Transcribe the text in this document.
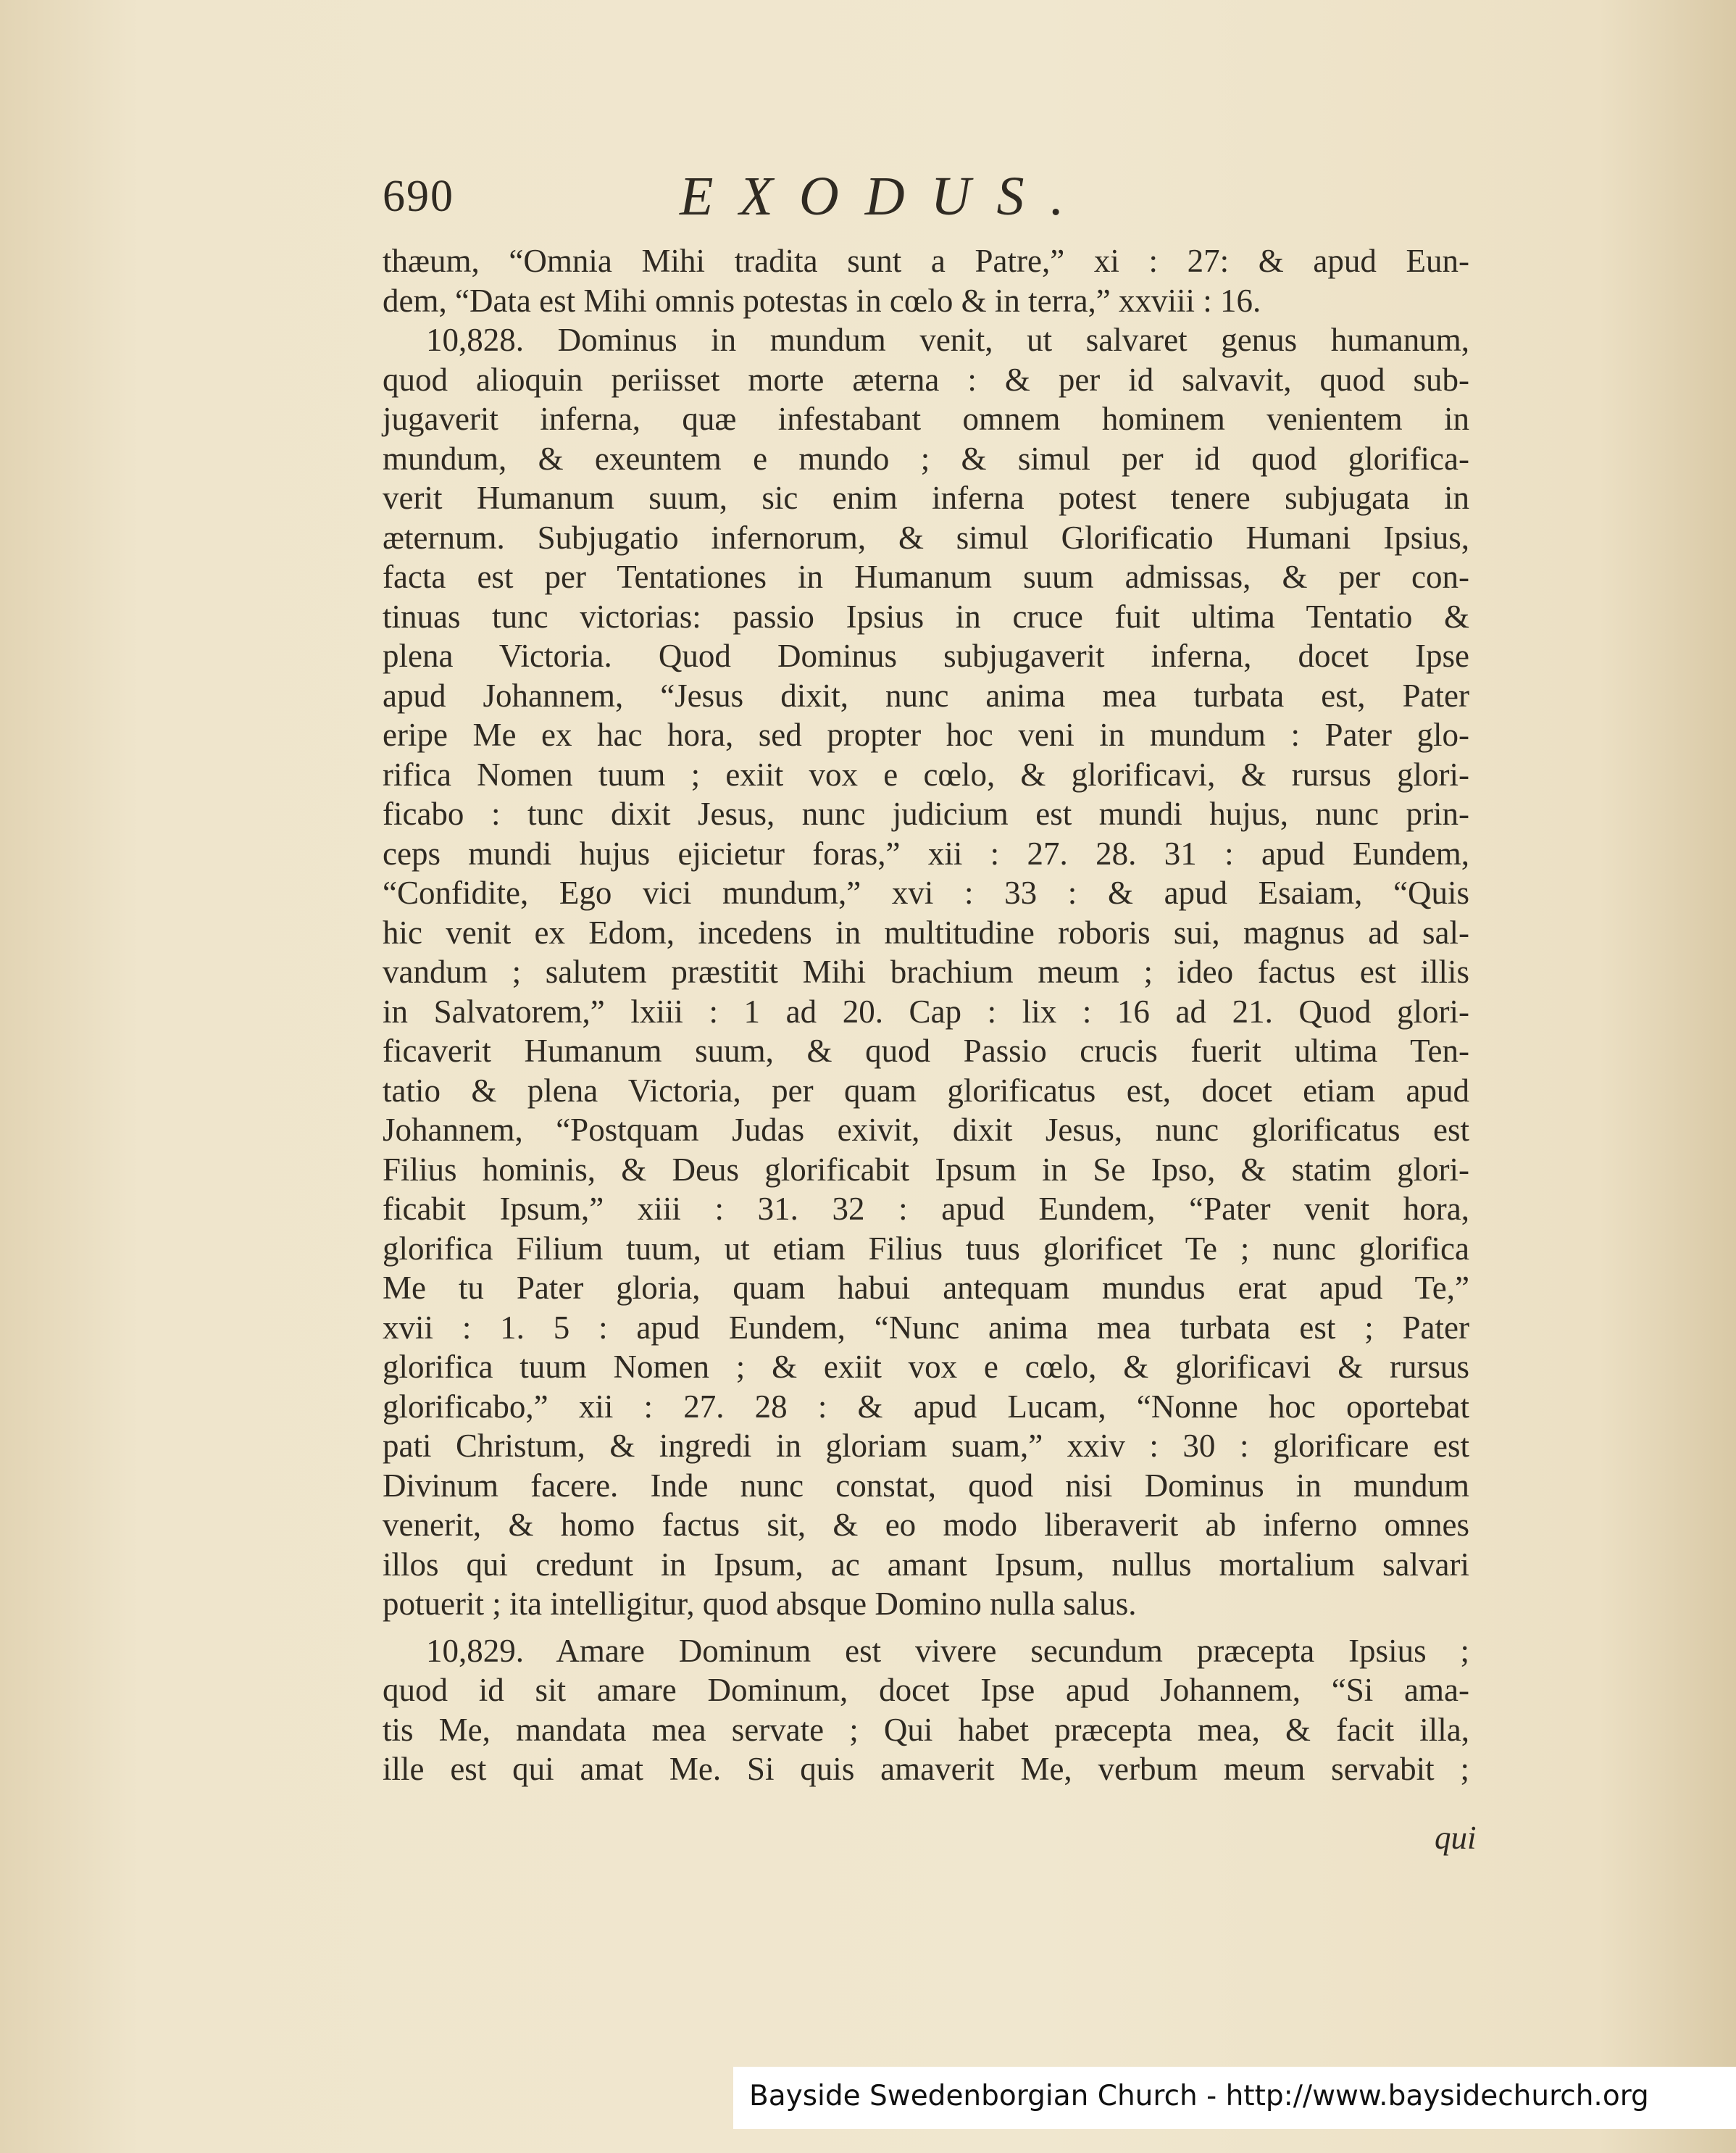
690	EXODUS.
thæum, “Omnia Mihi tradita sunt a Patre,” xi : 27: & apud Eun-
dem, “Data est Mihi omnis potestas in cœlo & in terra,” xxviii : 16.
10,828. Dominus in mundum venit, ut salvaret genus humanum,
quod alioquin periisset morte æterna : & per id salvavit, quod sub-
jugaverit inferna, quæ infestabant omnem hominem venientem in
mundum, & exeuntem e mundo ; & simul per id quod glorifica-
verit Humanum suum, sic enim inferna potest tenere subjugata in
æternum. Subjugatio infernorum, & simul Glorificatio Humani Ipsius,
facta est per Tentationes in Humanum suum admissas, & per con-
tinuas tunc victorias: passio Ipsius in cruce fuit ultima Tentatio &
plena Victoria. Quod Dominus subjugaverit inferna, docet Ipse
apud Johannem, “Jesus dixit, nunc anima mea turbata est, Pater
eripe Me ex hac hora, sed propter hoc veni in mundum : Pater glo-
rifica Nomen tuum ; exiit vox e cœlo, & glorificavi, & rursus glori-
ficabo : tunc dixit Jesus, nunc judicium est mundi hujus, nunc prin-
ceps mundi hujus ejicietur foras,” xii : 27. 28. 31 : apud Eundem,
“Confidite, Ego vici mundum,” xvi : 33 : & apud Esaiam, “Quis
hic venit ex Edom, incedens in multitudine roboris sui, magnus ad sal-
vandum ; salutem præstitit Mihi brachium meum ; ideo factus est illis
in Salvatorem,” lxiii : 1 ad 20. Cap : lix : 16 ad 21. Quod glori-
ficaverit Humanum suum, & quod Passio crucis fuerit ultima Ten-
tatio & plena Victoria, per quam glorificatus est, docet etiam apud
Johannem, “Postquam Judas exivit, dixit Jesus, nunc glorificatus est
Filius hominis, & Deus glorificabit Ipsum in Se Ipso, & statim glori-
ficabit Ipsum,” xiii : 31. 32 : apud Eundem, “Pater venit hora,
glorifica Filium tuum, ut etiam Filius tuus glorificet Te ; nunc glorifica
Me tu Pater gloria, quam habui antequam mundus erat apud Te,”
xvii : 1. 5 : apud Eundem, “Nunc anima mea turbata est ; Pater
glorifica tuum Nomen ; & exiit vox e cœlo, & glorificavi & rursus
glorificabo,” xii : 27. 28 : & apud Lucam, “Nonne hoc oportebat
pati Christum, & ingredi in gloriam suam,” xxiv : 30 : glorificare est
Divinum facere. Inde nunc constat, quod nisi Dominus in mundum
venerit, & homo factus sit, & eo modo liberaverit ab inferno omnes
illos qui credunt in Ipsum, ac amant Ipsum, nullus mortalium salvari
potuerit ; ita intelligitur, quod absque Domino nulla salus.
10,829. Amare Dominum est vivere secundum præcepta Ipsius ;
quod id sit amare Dominum, docet Ipse apud Johannem, “Si ama-
tis Me, mandata mea servate ; Qui habet præcepta mea, & facit illa,
ille est qui amat Me. Si quis amaverit Me, verbum meum servabit ;
qui
Bayside Swedenborgian Church - http://www.baysidechurch.org
